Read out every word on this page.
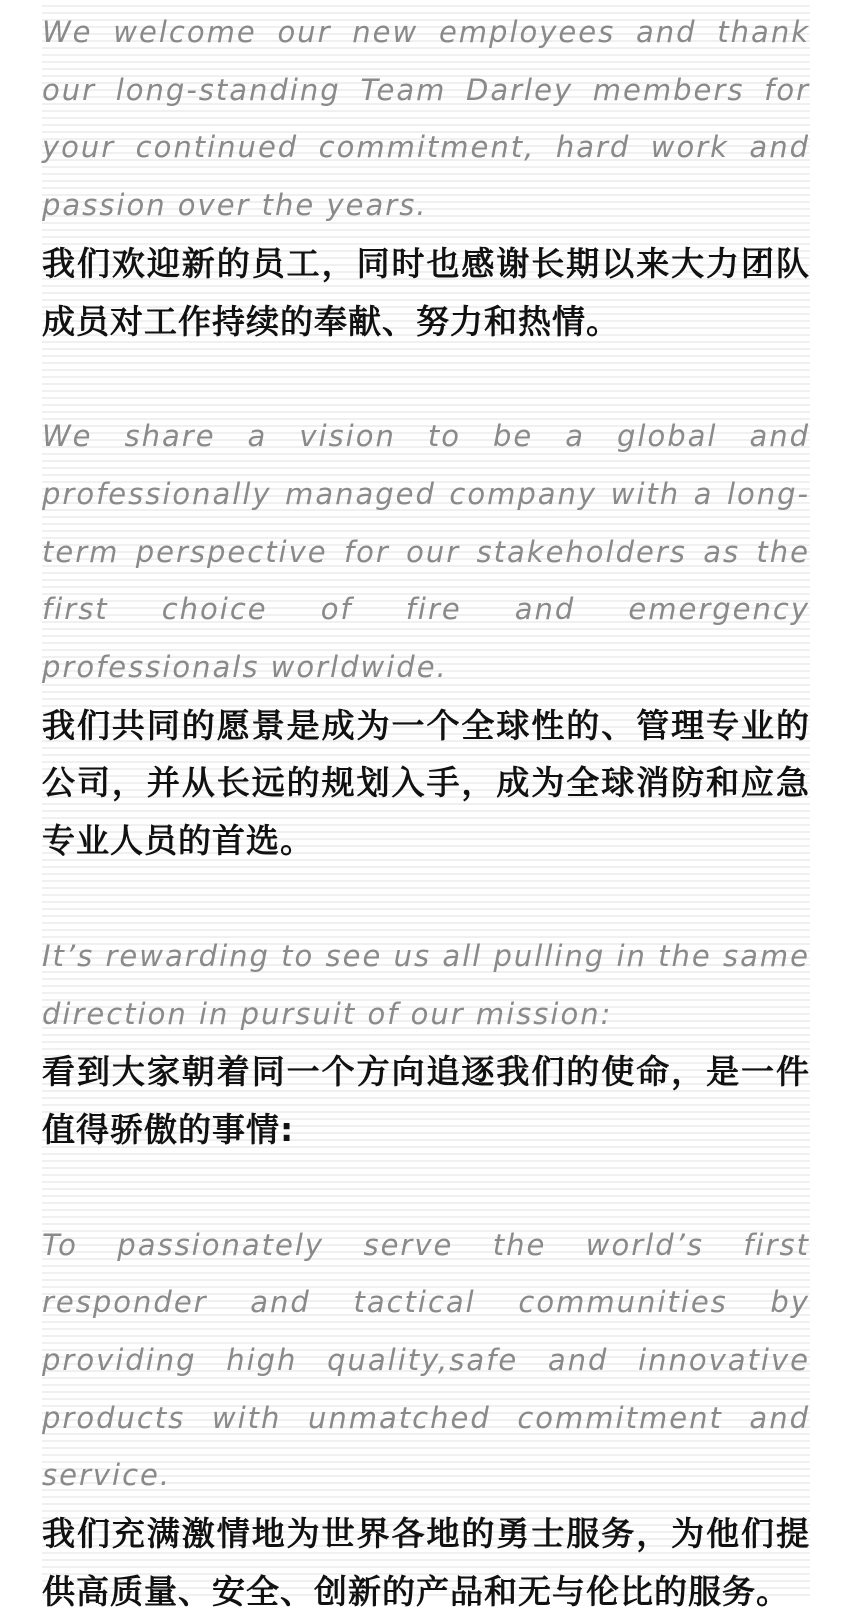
We welcome our new employees and thank our long-standing Team Darley members for your continued commitment, hard work and passion over the years.

我们欢迎新的员工，同时也感谢长期以来大力团队成员对工作持续的奉献、努力和热情。

We share a vision to be a global and professionally managed company with a long-term perspective for our stakeholders as the first choice of fire and emergency professionals worldwide.

我们共同的愿景是成为一个全球性的、管理专业的公司，并从长远的规划入手，成为全球消防和应急专业人员的首选。

It’s rewarding to see us all pulling in the same direction in pursuit of our mission:

看到大家朝着同一个方向追逐我们的使命，是一件值得骄傲的事情:

To passionately serve the world’s first responder and tactical communities by providing high quality,safe and innovative products with unmatched commitment and service.

我们充满激情地为世界各地的勇士服务，为他们提供高质量、安全、创新的产品和无与伦比的服务。
